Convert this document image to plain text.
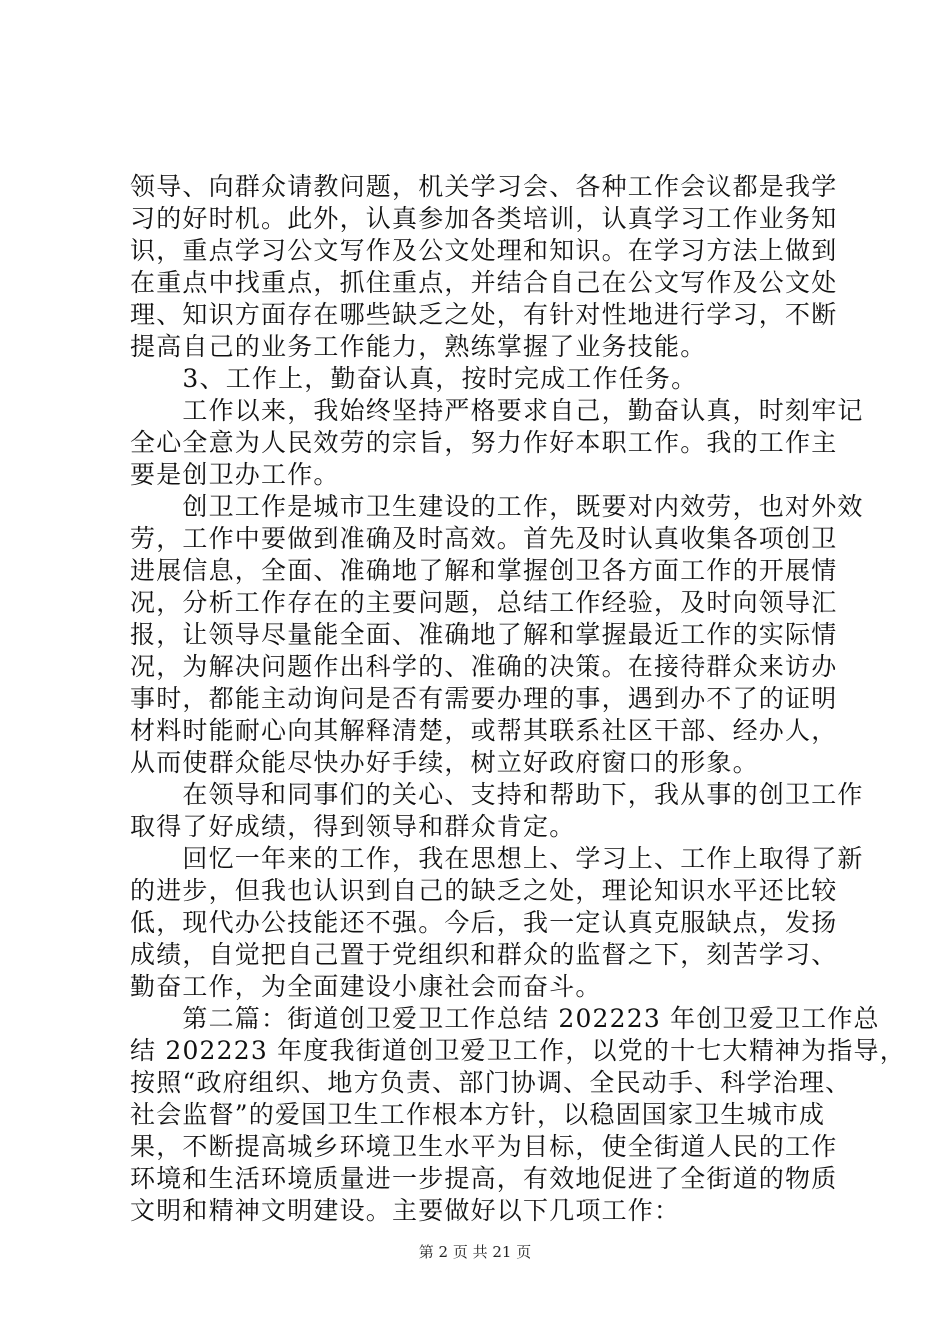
领导、向群众请教问题，机关学习会、各种工作会议都是我学
习的好时机。此外，认真参加各类培训，认真学习工作业务知
识，重点学习公文写作及公文处理和知识。在学习方法上做到
在重点中找重点，抓住重点，并结合自己在公文写作及公文处
理、知识方面存在哪些缺乏之处，有针对性地进行学习，不断
提高自己的业务工作能力，熟练掌握了业务技能。
　　3、工作上，勤奋认真，按时完成工作任务。
　　工作以来，我始终坚持严格要求自己，勤奋认真，时刻牢记
全心全意为人民效劳的宗旨，努力作好本职工作。我的工作主
要是创卫办工作。
　　创卫工作是城市卫生建设的工作，既要对内效劳，也对外效
劳，工作中要做到准确及时高效。首先及时认真收集各项创卫
进展信息，全面、准确地了解和掌握创卫各方面工作的开展情
况，分析工作存在的主要问题，总结工作经验，及时向领导汇
报，让领导尽量能全面、准确地了解和掌握最近工作的实际情
况，为解决问题作出科学的、准确的决策。在接待群众来访办
事时，都能主动询问是否有需要办理的事，遇到办不了的证明
材料时能耐心向其解释清楚，或帮其联系社区干部、经办人，
从而使群众能尽快办好手续，树立好政府窗口的形象。
　　在领导和同事们的关心、支持和帮助下，我从事的创卫工作
取得了好成绩，得到领导和群众肯定。
　　回忆一年来的工作，我在思想上、学习上、工作上取得了新
的进步，但我也认识到自己的缺乏之处，理论知识水平还比较
低，现代办公技能还不强。今后，我一定认真克服缺点，发扬
成绩，自觉把自己置于党组织和群众的监督之下，刻苦学习、
勤奋工作，为全面建设小康社会而奋斗。
　　第二篇：街道创卫爱卫工作总结 202223 年创卫爱卫工作总
结 202223 年度我街道创卫爱卫工作，以党的十七大精神为指导，
按照“政府组织、地方负责、部门协调、全民动手、科学治理、
社会监督”的爱国卫生工作根本方针，以稳固国家卫生城市成
果，不断提高城乡环境卫生水平为目标，使全街道人民的工作
环境和生活环境质量进一步提高，有效地促进了全街道的物质
文明和精神文明建设。主要做好以下几项工作：
第 2 页 共 21 页
